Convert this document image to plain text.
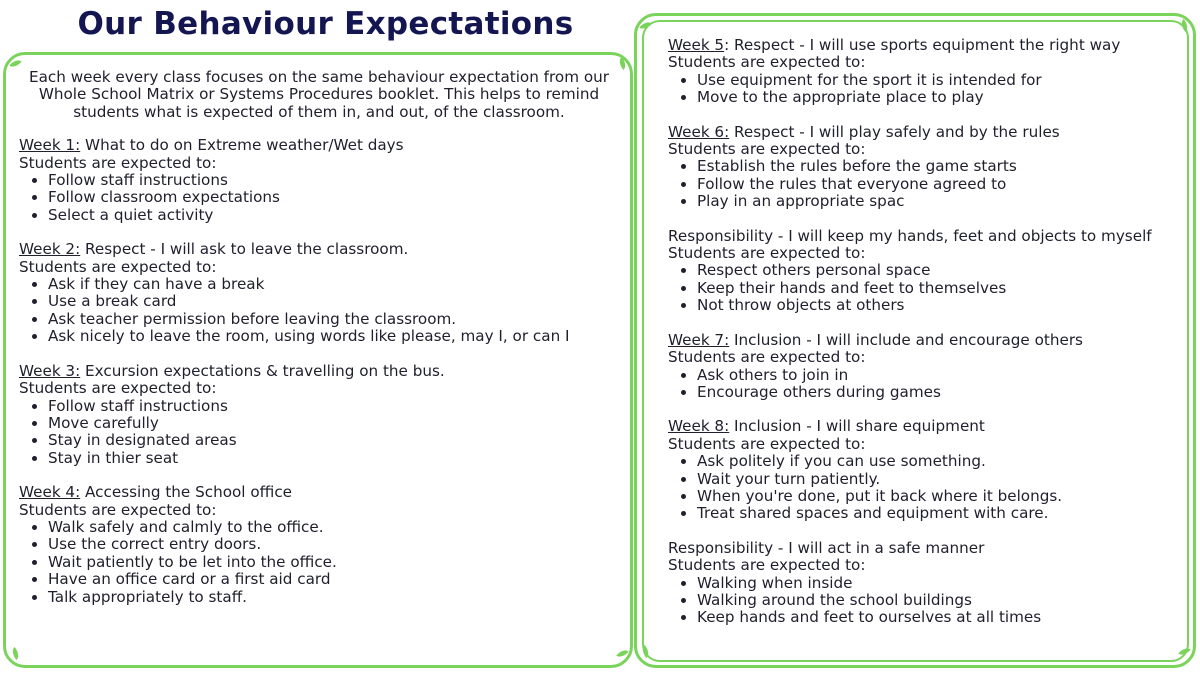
Our Behaviour Expectations

Each week every class focuses on the same behaviour expectation from our Whole School Matrix or Systems Procedures booklet. This helps to remind students what is expected of them in, and out, of the classroom.

Week 1: What to do on Extreme weather/Wet days
Students are expected to:
• Follow staff instructions
• Follow classroom expectations
• Select a quiet activity
Week 2: Respect - I will ask to leave the classroom.
Students are expected to:
• Ask if they can have a break
• Use a break card
• Ask teacher permission before leaving the classroom.
• Ask nicely to leave the room, using words like please, may I, or can I
Week 3: Excursion expectations & travelling on the bus.
Students are expected to:
• Follow staff instructions
• Move carefully
• Stay in designated areas
• Stay in thier seat
Week 4: Accessing the School office
Students are expected to:
• Walk safely and calmly to the office.
• Use the correct entry doors.
• Wait patiently to be let into the office.
• Have an office card or a first aid card
• Talk appropriately to staff.
Week 5: Respect - I will use sports equipment the right way
Students are expected to:
• Use equipment for the sport it is intended for
• Move to the appropriate place to play
Week 6: Respect - I will play safely and by the rules
Students are expected to:
• Establish the rules before the game starts
• Follow the rules that everyone agreed to
• Play in an appropriate spac
Responsibility - I will keep my hands, feet and objects to myself
Students are expected to:
• Respect others personal space
• Keep their hands and feet to themselves
• Not throw objects at others
Week 7: Inclusion - I will include and encourage others
Students are expected to:
• Ask others to join in
• Encourage others during games
Week 8: Inclusion - I will share equipment
Students are expected to:
• Ask politely if you can use something.
• Wait your turn patiently.
• When you're done, put it back where it belongs.
• Treat shared spaces and equipment with care.
Responsibility - I will act in a safe manner
Students are expected to:
• Walking when inside
• Walking around the school buildings
• Keep hands and feet to ourselves at all times
